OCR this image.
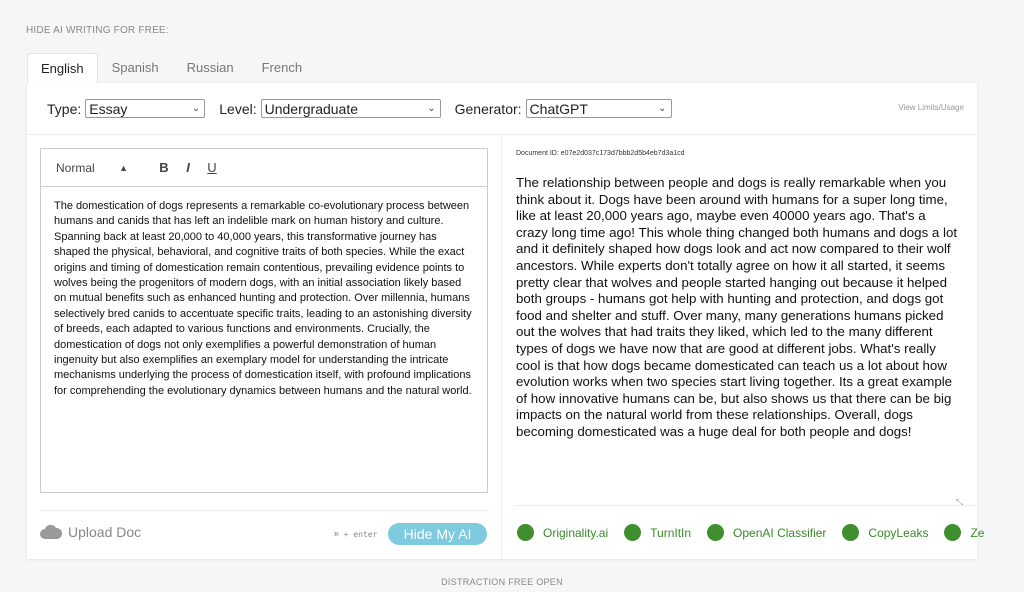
HIDE AI WRITING FOR FREE:
English	Spanish	Russian	French
Type: Essay	⌄ Level: Undergraduate	⌄ Generator: ChatGPT	⌄	View Limits/Usage
Normal	▲︎	B	I	U
The domestication of dogs represents a remarkable co-evolutionary process between humans and canids that has left an indelible mark on human history and culture. Spanning back at least 20,000 to 40,000 years, this transformative journey has shaped the physical, behavioral, and cognitive traits of both species. While the exact origins and timing of domestication remain contentious, prevailing evidence points to wolves being the progenitors of modern dogs, with an initial association likely based on mutual benefits such as enhanced hunting and protection. Over millennia, humans selectively bred canids to accentuate specific traits, leading to an astonishing diversity of breeds, each adapted to various functions and environments. Crucially, the domestication of dogs not only exemplifies a powerful demonstration of human ingenuity but also exemplifies an exemplary model for understanding the intricate mechanisms underlying the process of domestication itself, with profound implications for comprehending the evolutionary dynamics between humans and the natural world.
Upload Doc	⌘ + enter	Hide My AI
Document ID: e07e2d037c173d7bbb2d5b4eb7d3a1cd
The relationship between people and dogs is really remarkable when you think about it. Dogs have been around with humans for a super long time, like at least 20,000 years ago, maybe even 40000 years ago. That's a crazy long time ago! This whole thing changed both humans and dogs a lot and it definitely shaped how dogs look and act now compared to their wolf ancestors. While experts don't totally agree on how it all started, it seems pretty clear that wolves and people started hanging out because it helped both groups - humans got help with hunting and protection, and dogs got food and shelter and stuff. Over many, many generations humans picked out the wolves that had traits they liked, which led to the many different types of dogs we have now that are good at different jobs. What's really cool is that how dogs became domesticated can teach us a lot about how evolution works when two species start living together. Its a great example of how innovative humans can be, but also shows us that there can be big impacts on the natural world from these relationships. Overall, dogs becoming domesticated was a huge deal for both people and dogs!
⤡
Originality.ai	TurnItIn	OpenAI Classifier	CopyLeaks	Ze
DISTRACTION FREE OPEN
